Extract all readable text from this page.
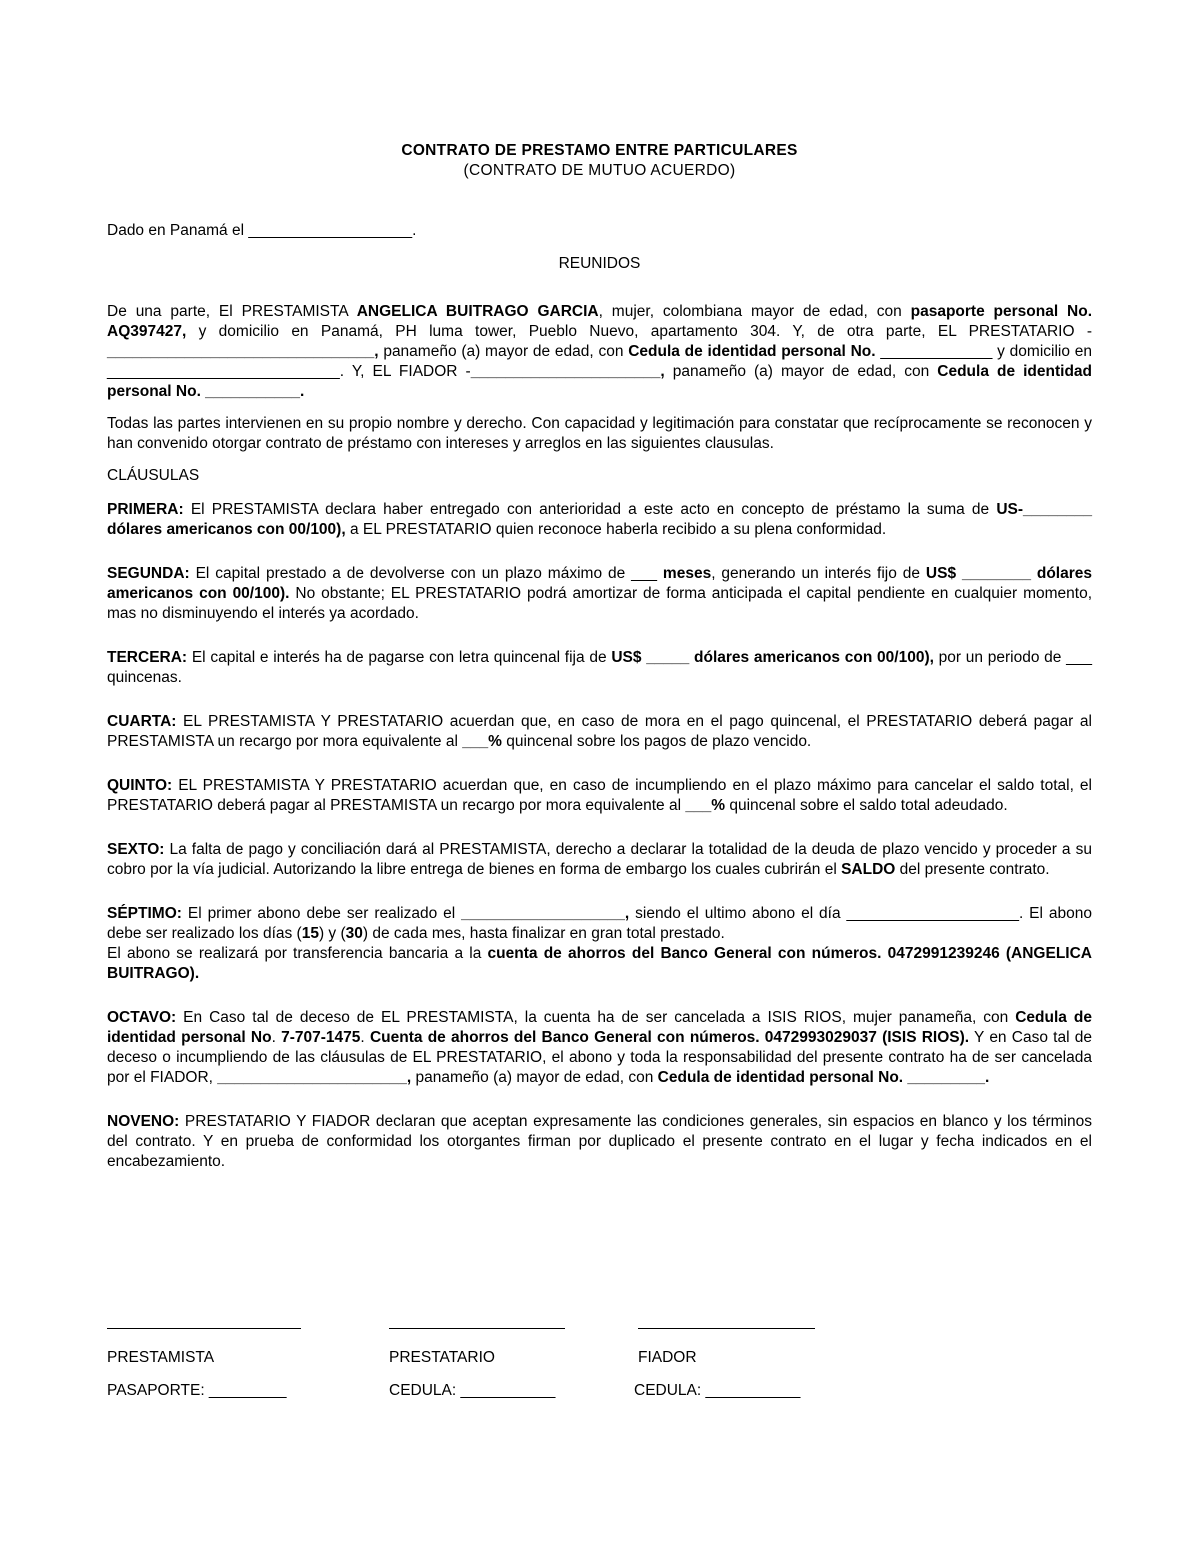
CONTRATO DE PRESTAMO ENTRE PARTICULARES

(CONTRATO DE MUTUO ACUERDO)

Dado en Panamá el ___________________.

REUNIDOS

De una parte, El PRESTAMISTA ANGELICA BUITRAGO GARCIA, mujer, colombiana mayor de edad, con pasaporte personal No. AQ397427, y domicilio en Panamá, PH luma tower, Pueblo Nuevo, apartamento 304. Y, de otra parte, EL PRESTATARIO - _______________________________, panameño (a) mayor de edad, con Cedula de identidad personal No. _____________ y domicilio en ___________________________. Y, EL FIADOR -______________________, panameño (a) mayor de edad, con Cedula de identidad personal No. ___________.

Todas las partes intervienen en su propio nombre y derecho. Con capacidad y legitimación para constatar que recíprocamente se reconocen y han convenido otorgar contrato de préstamo con intereses y arreglos en las siguientes clausulas.

CLÁUSULAS

PRIMERA: El PRESTAMISTA declara haber entregado con anterioridad a este acto en concepto de préstamo la suma de US-________ dólares americanos con 00/100), a EL PRESTATARIO quien reconoce haberla recibido a su plena conformidad.

SEGUNDA: El capital prestado a de devolverse con un plazo máximo de ___ meses, generando un interés fijo de US$ ________ dólares americanos con 00/100). No obstante; EL PRESTATARIO podrá amortizar de forma anticipada el capital pendiente en cualquier momento, mas no disminuyendo el interés ya acordado.

TERCERA: El capital e interés ha de pagarse con letra quincenal fija de US$ _____ dólares americanos con 00/100), por un periodo de ___ quincenas.

CUARTA: EL PRESTAMISTA Y PRESTATARIO acuerdan que, en caso de mora en el pago quincenal, el PRESTATARIO deberá pagar al PRESTAMISTA un recargo por mora equivalente al ___% quincenal sobre los pagos de plazo vencido.

QUINTO: EL PRESTAMISTA Y PRESTATARIO acuerdan que, en caso de incumpliendo en el plazo máximo para cancelar el saldo total, el PRESTATARIO deberá pagar al PRESTAMISTA un recargo por mora equivalente al ___% quincenal sobre el saldo total adeudado.

SEXTO: La falta de pago y conciliación dará al PRESTAMISTA, derecho a declarar la totalidad de la deuda de plazo vencido y proceder a su cobro por la vía judicial. Autorizando la libre entrega de bienes en forma de embargo los cuales cubrirán el SALDO del presente contrato.

SÉPTIMO: El primer abono debe ser realizado el ___________________, siendo el ultimo abono el día ____________________. El abono debe ser realizado los días (15) y (30) de cada mes, hasta finalizar en gran total prestado.

El abono se realizará por transferencia bancaria a la cuenta de ahorros del Banco General con números. 0472991239246 (ANGELICA BUITRAGO).

OCTAVO: En Caso tal de deceso de EL PRESTAMISTA, la cuenta ha de ser cancelada a ISIS RIOS, mujer panameña, con Cedula de identidad personal No. 7-707-1475. Cuenta de ahorros del Banco General con números. 0472993029037 (ISIS RIOS). Y en Caso tal de deceso o incumpliendo de las cláusulas de EL PRESTATARIO, el abono y toda la responsabilidad del presente contrato ha de ser cancelada por el FIADOR, ______________________, panameño (a) mayor de edad, con Cedula de identidad personal No. _________.

NOVENO: PRESTATARIO Y FIADOR declaran que aceptan expresamente las condiciones generales, sin espacios en blanco y los términos del contrato. Y en prueba de conformidad los otorgantes firman por duplicado el presente contrato en el lugar y fecha indicados en el encabezamiento.

PRESTAMISTA
PASAPORTE: _________
PRESTATARIO
CEDULA: ___________
FIADOR
CEDULA: ___________
